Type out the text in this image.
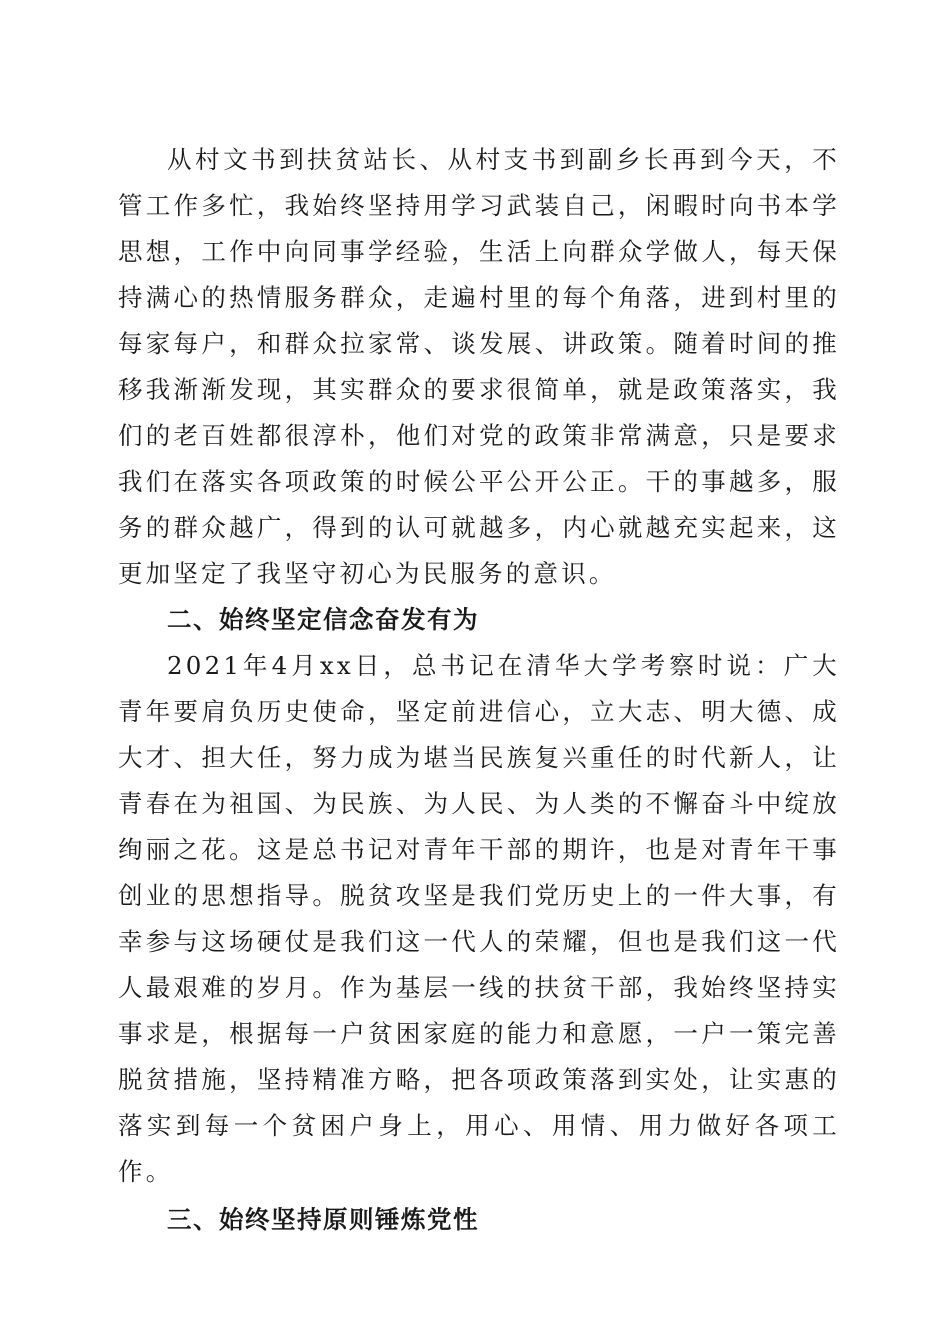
从村文书到扶贫站长、从村支书到副乡长再到今天，不管工作多忙，我始终坚持用学习武装自己，闲暇时向书本学思想，工作中向同事学经验，生活上向群众学做人，每天保持满心的热情服务群众，走遍村里的每个角落，进到村里的每家每户，和群众拉家常、谈发展、讲政策。随着时间的推移我渐渐发现，其实群众的要求很简单，就是政策落实，我们的老百姓都很淳朴，他们对党的政策非常满意，只是要求我们在落实各项政策的时候公平公开公正。干的事越多，服务的群众越广，得到的认可就越多，内心就越充实起来，这更加坚定了我坚守初心为民服务的意识。

二、始终坚定信念奋发有为

2021年4月xx日，总书记在清华大学考察时说：广大青年要肩负历史使命，坚定前进信心，立大志、明大德、成大才、担大任，努力成为堪当民族复兴重任的时代新人，让青春在为祖国、为民族、为人民、为人类的不懈奋斗中绽放绚丽之花。这是总书记对青年干部的期许，也是对青年干事创业的思想指导。脱贫攻坚是我们党历史上的一件大事，有幸参与这场硬仗是我们这一代人的荣耀，但也是我们这一代人最艰难的岁月。作为基层一线的扶贫干部，我始终坚持实事求是，根据每一户贫困家庭的能力和意愿，一户一策完善脱贫措施，坚持精准方略，把各项政策落到实处，让实惠的落实到每一个贫困户身上，用心、用情、用力做好各项工作。

三、始终坚持原则锤炼党性
